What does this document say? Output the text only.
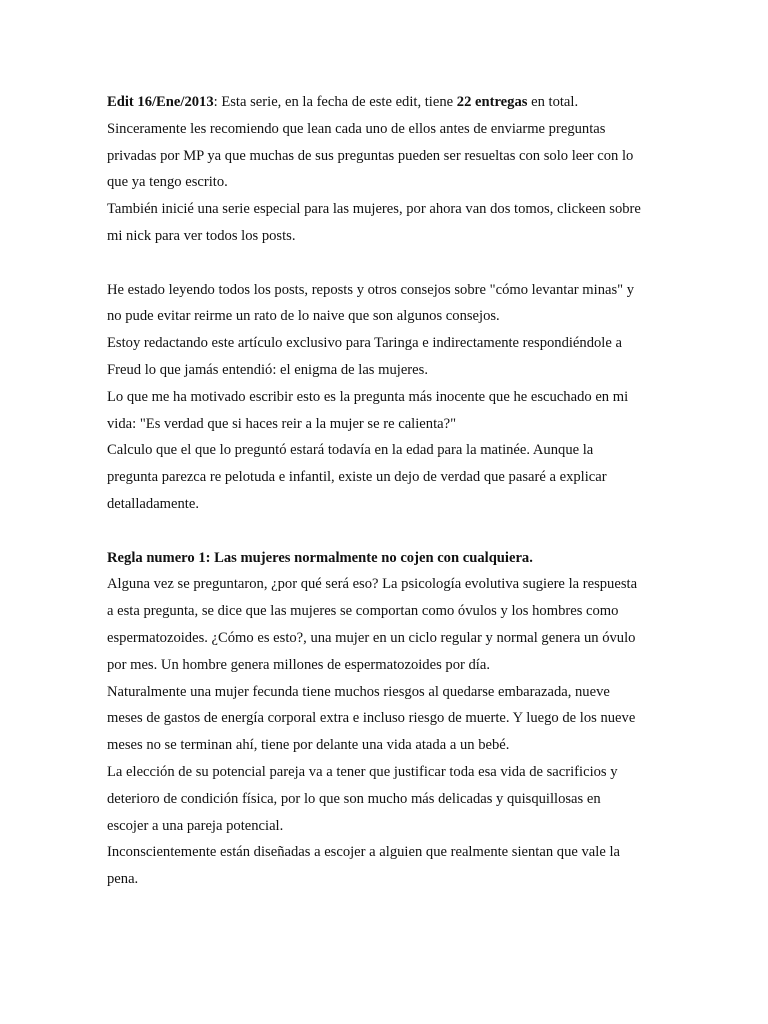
Edit 16/Ene/2013: Esta serie, en la fecha de este edit, tiene 22 entregas en total.
Sinceramente les recomiendo que lean cada uno de ellos antes de enviarme preguntas
privadas por MP ya que muchas de sus preguntas pueden ser resueltas con solo leer con lo
que ya tengo escrito.
También inicié una serie especial para las mujeres, por ahora van dos tomos, clickeen sobre
mi nick para ver todos los posts.
He estado leyendo todos los posts, reposts y otros consejos sobre "cómo levantar minas" y
no pude evitar reirme un rato de lo naive que son algunos consejos.
Estoy redactando este artículo exclusivo para Taringa e indirectamente respondiéndole a
Freud lo que jamás entendió: el enigma de las mujeres.
Lo que me ha motivado escribir esto es la pregunta más inocente que he escuchado en mi
vida: "Es verdad que si haces reir a la mujer se re calienta?"
Calculo que el que lo preguntó estará todavía en la edad para la matinée. Aunque la
pregunta parezca re pelotuda e infantil, existe un dejo de verdad que pasaré a explicar
detalladamente.
Regla numero 1: Las mujeres normalmente no cojen con cualquiera.
Alguna vez se preguntaron, ¿por qué será eso? La psicología evolutiva sugiere la respuesta
a esta pregunta, se dice que las mujeres se comportan como óvulos y los hombres como
espermatozoides. ¿Cómo es esto?, una mujer en un ciclo regular y normal genera un óvulo
por mes. Un hombre genera millones de espermatozoides por día.
Naturalmente una mujer fecunda tiene muchos riesgos al quedarse embarazada, nueve
meses de gastos de energía corporal extra e incluso riesgo de muerte. Y luego de los nueve
meses no se terminan ahí, tiene por delante una vida atada a un bebé.
La elección de su potencial pareja va a tener que justificar toda esa vida de sacrificios y
deterioro de condición física, por lo que son mucho más delicadas y quisquillosas en
escojer a una pareja potencial.
Inconscientemente están diseñadas a escojer a alguien que realmente sientan que vale la
pena.
